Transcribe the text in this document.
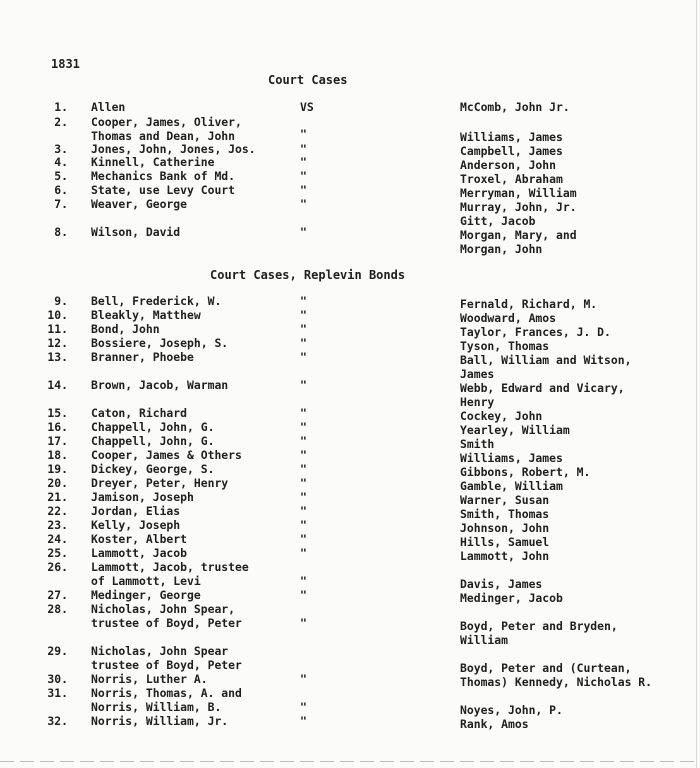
1831
Court Cases
Court Cases, Replevin Bonds
1. Allen	VS	McComb, John Jr.
2. Cooper, James, Oliver,
Thomas and Dean, John	"	Williams, James
3. Jones, John, Jones, Jos.	"	Campbell, James
4. Kinnell, Catherine	"	Anderson, John
5. Mechanics Bank of Md.	"	Troxel, Abraham
6. State, use Levy Court	"	Merryman, William
7. Weaver, George	"	Murray, John, Jr.
Gitt, Jacob
8. Wilson, David	"	Morgan, Mary, and
Morgan, John
9. Bell, Frederick, W.	"	Fernald, Richard, M.
10. Bleakly, Matthew	"	Woodward, Amos
11. Bond, John	"	Taylor, Frances, J. D.
12. Bossiere, Joseph, S.	"	Tyson, Thomas
13. Branner, Phoebe	"	Ball, William and Witson,
James
14. Brown, Jacob, Warman	"	Webb, Edward and Vicary,
Henry
15. Caton, Richard	"	Cockey, John
16. Chappell, John, G.	"	Yearley, William
17. Chappell, John, G.	"	Smith
18. Cooper, James & Others	"	Williams, James
19. Dickey, George, S.	"	Gibbons, Robert, M.
20. Dreyer, Peter, Henry	"	Gamble, William
21. Jamison, Joseph	"	Warner, Susan
22. Jordan, Elias	"	Smith, Thomas
23. Kelly, Joseph	"	Johnson, John
24. Koster, Albert	"	Hills, Samuel
25. Lammott, Jacob	"	Lammott, John
26. Lammott, Jacob, trustee
of Lammott, Levi	"	Davis, James
27. Medinger, George	"	Medinger, Jacob
28. Nicholas, John Spear,
trustee of Boyd, Peter	"	Boyd, Peter and Bryden,
William
29. Nicholas, John Spear
trustee of Boyd, Peter	Boyd, Peter and (Curtean,
Thomas) Kennedy, Nicholas R.
30. Norris, Luther A.	"
31. Norris, Thomas, A. and
Norris, William, B.	"	Noyes, John, P.
32. Norris, William, Jr.	"	Rank, Amos
